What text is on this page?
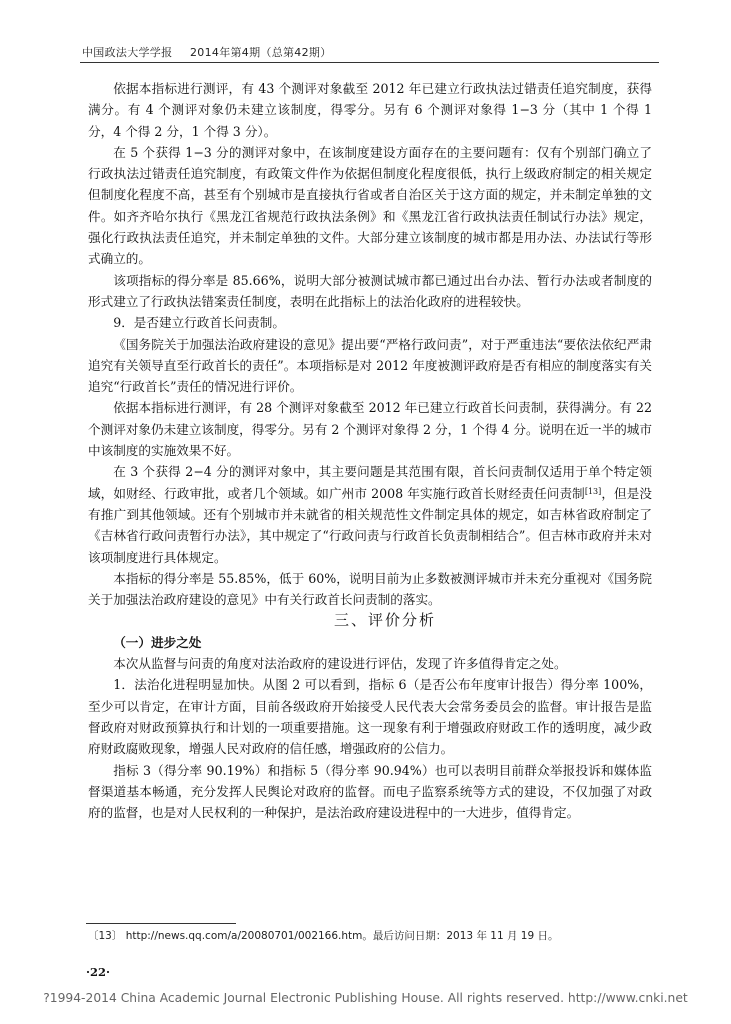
中国政法大学学报 2014年第4期（总第42期）

依据本指标进行测评，有 43 个测评对象截至 2012 年已建立行政执法过错责任追究制度，获得满分。有 4 个测评对象仍未建立该制度，得零分。另有 6 个测评对象得 1−3 分（其中 1 个得 1 分，4 个得 2 分，1 个得 3 分）。

在 5 个获得 1−3 分的测评对象中，在该制度建设方面存在的主要问题有：仅有个别部门确立了行政执法过错责任追究制度，有政策文件作为依据但制度化程度很低，执行上级政府制定的相关规定但制度化程度不高，甚至有个别城市是直接执行省或者自治区关于这方面的规定，并未制定单独的文件。如齐齐哈尔执行《黑龙江省规范行政执法条例》和《黑龙江省行政执法责任制试行办法》规定，强化行政执法责任追究，并未制定单独的文件。大部分建立该制度的城市都是用办法、办法试行等形式确立的。

该项指标的得分率是 85.66%，说明大部分被测试城市都已通过出台办法、暂行办法或者制度的形式建立了行政执法错案责任制度，表明在此指标上的法治化政府的进程较快。

9．是否建立行政首长问责制。

《国务院关于加强法治政府建设的意见》提出要“严格行政问责”，对于严重违法“要依法依纪严肃追究有关领导直至行政首长的责任”。本项指标是对 2012 年度被测评政府是否有相应的制度落实有关追究“行政首长”责任的情况进行评价。

依据本指标进行测评，有 28 个测评对象截至 2012 年已建立行政首长问责制，获得满分。有 22 个测评对象仍未建立该制度，得零分。另有 2 个测评对象得 2 分，1 个得 4 分。说明在近一半的城市中该制度的实施效果不好。

在 3 个获得 2−4 分的测评对象中，其主要问题是其范围有限，首长问责制仅适用于单个特定领域，如财经、行政审批，或者几个领域。如广州市 2008 年实施行政首长财经责任问责制[13]，但是没有推广到其他领域。还有个别城市并未就省的相关规范性文件制定具体的规定，如吉林省政府制定了《吉林省行政问责暂行办法》，其中规定了“行政问责与行政首长负责制相结合”。但吉林市政府并未对该项制度进行具体规定。

本指标的得分率是 55.85%，低于 60%，说明目前为止多数被测评城市并未充分重视对《国务院关于加强法治政府建设的意见》中有关行政首长问责制的落实。

三、评价分析

（一）进步之处

本次从监督与问责的角度对法治政府的建设进行评估，发现了许多值得肯定之处。

1．法治化进程明显加快。从图 2 可以看到，指标 6（是否公布年度审计报告）得分率 100%，至少可以肯定，在审计方面，目前各级政府开始接受人民代表大会常务委员会的监督。审计报告是监督政府对财政预算执行和计划的一项重要措施。这一现象有利于增强政府财政工作的透明度，减少政府财政腐败现象，增强人民对政府的信任感，增强政府的公信力。

指标 3（得分率 90.19%）和指标 5（得分率 90.94%）也可以表明目前群众举报投诉和媒体监督渠道基本畅通，充分发挥人民舆论对政府的监督。而电子监察系统等方式的建设，不仅加强了对政府的监督，也是对人民权利的一种保护，是法治政府建设进程中的一大进步，值得肯定。

〔13〕 http://news.qq.com/a/20080701/002166.htm。最后访问日期：2013 年 11 月 19 日。
·22·
?1994-2014 China Academic Journal Electronic Publishing House. All rights reserved. http://www.cnki.net
